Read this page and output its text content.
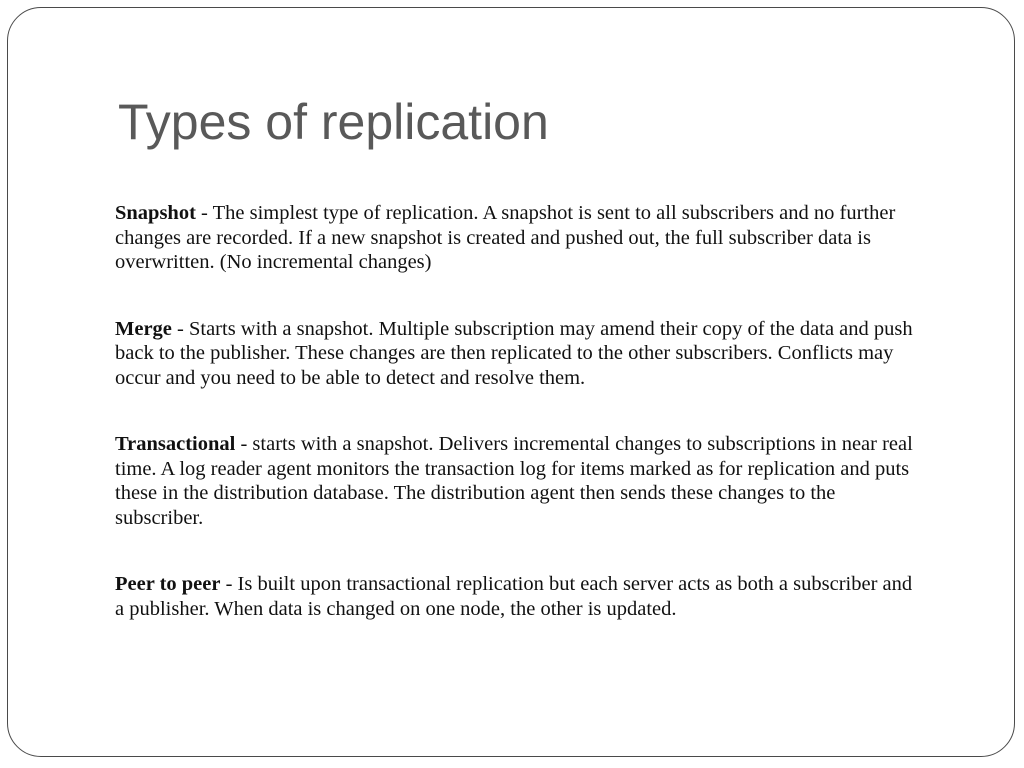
Types of replication

Snapshot - The simplest type of replication. A snapshot is sent to all subscribers and no further changes are recorded. If a new snapshot is created and pushed out, the full subscriber data is overwritten. (No incremental changes)

Merge - Starts with a snapshot. Multiple subscription may amend their copy of the data and push back to the publisher. These changes are then replicated to the other subscribers. Conflicts may occur and you need to be able to detect and resolve them.

Transactional - starts with a snapshot. Delivers incremental changes to subscriptions in near real time. A log reader agent monitors the transaction log for items marked as for replication and puts these in the distribution database. The distribution agent then sends these changes to the subscriber.

Peer to peer - Is built upon transactional replication but each server acts as both a subscriber and a publisher. When data is changed on one node, the other is updated.
